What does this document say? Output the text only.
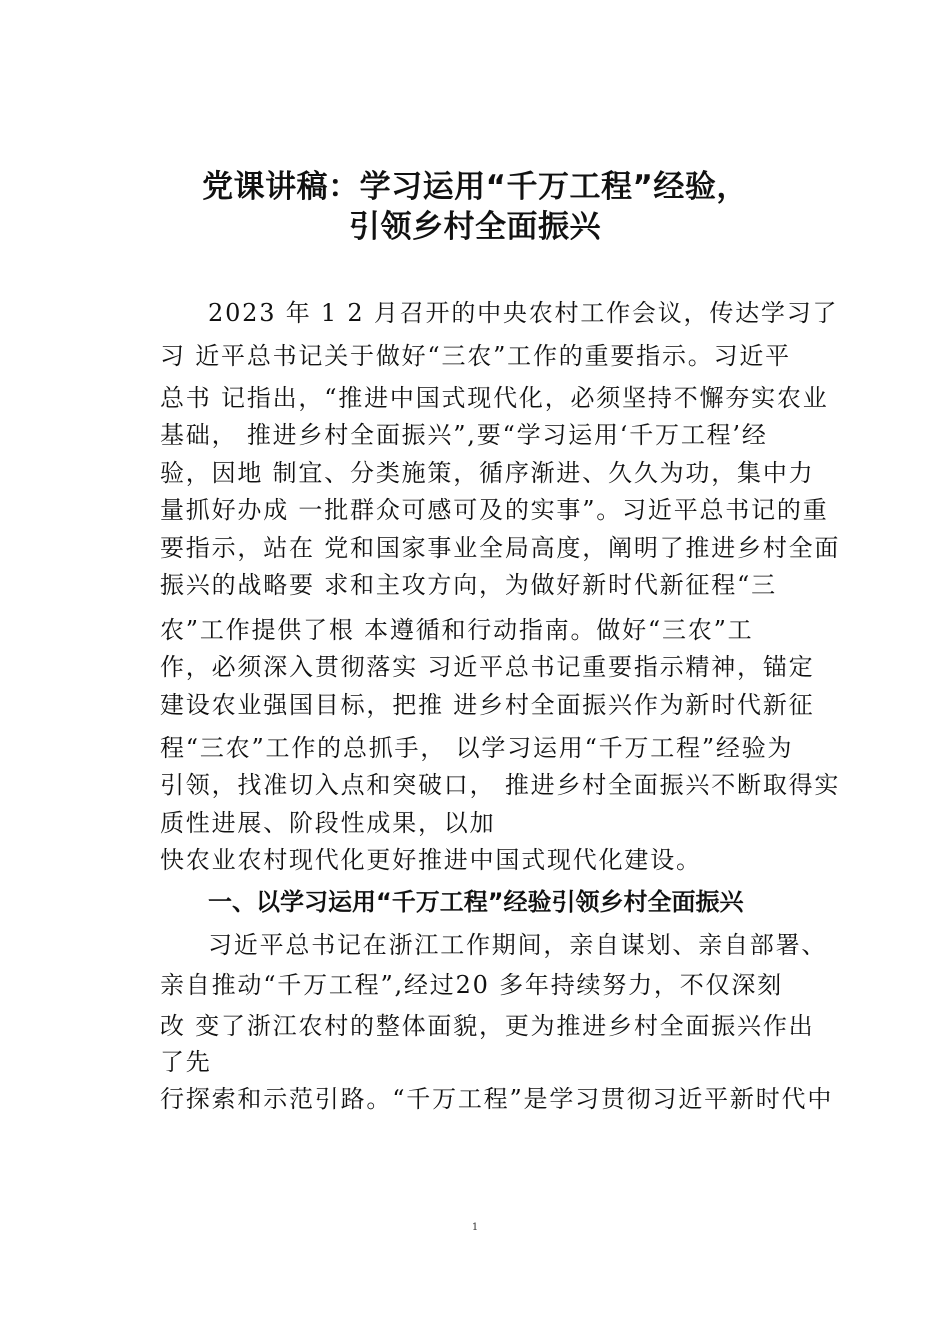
党课讲稿：学习运用“千万工程”经验，
引领乡村全面振兴
2023 年 1 2 月召开的中央农村工作会议，传达学习了
习 近平总书记关于做好“三农”工作的重要指示。习近平
总书 记指出，“推进中国式现代化，必须坚持不懈夯实农业
基础， 推进乡村全面振兴”,要“学习运用‘千万工程’经
验，因地 制宜、分类施策，循序渐进、久久为功，集中力
量抓好办成 一批群众可感可及的实事”。习近平总书记的重
要指示，站在 党和国家事业全局高度，阐明了推进乡村全面
振兴的战略要 求和主攻方向，为做好新时代新征程“三
农”工作提供了根 本遵循和行动指南。做好“三农”工
作，必须深入贯彻落实 习近平总书记重要指示精神，锚定
建设农业强国目标，把推 进乡村全面振兴作为新时代新征
程“三农”工作的总抓手， 以学习运用“千万工程”经验为
引领，找准切入点和突破口， 推进乡村全面振兴不断取得实
质性进展、阶段性成果，以加
快农业农村现代化更好推进中国式现代化建设。
一、以学习运用“千万工程”经验引领乡村全面振兴
习近平总书记在浙江工作期间，亲自谋划、亲自部署、
亲自推动“千万工程”,经过20 多年持续努力，不仅深刻
改 变了浙江农村的整体面貌，更为推进乡村全面振兴作出
了先
行探索和示范引路。“千万工程”是学习贯彻习近平新时代中
1
